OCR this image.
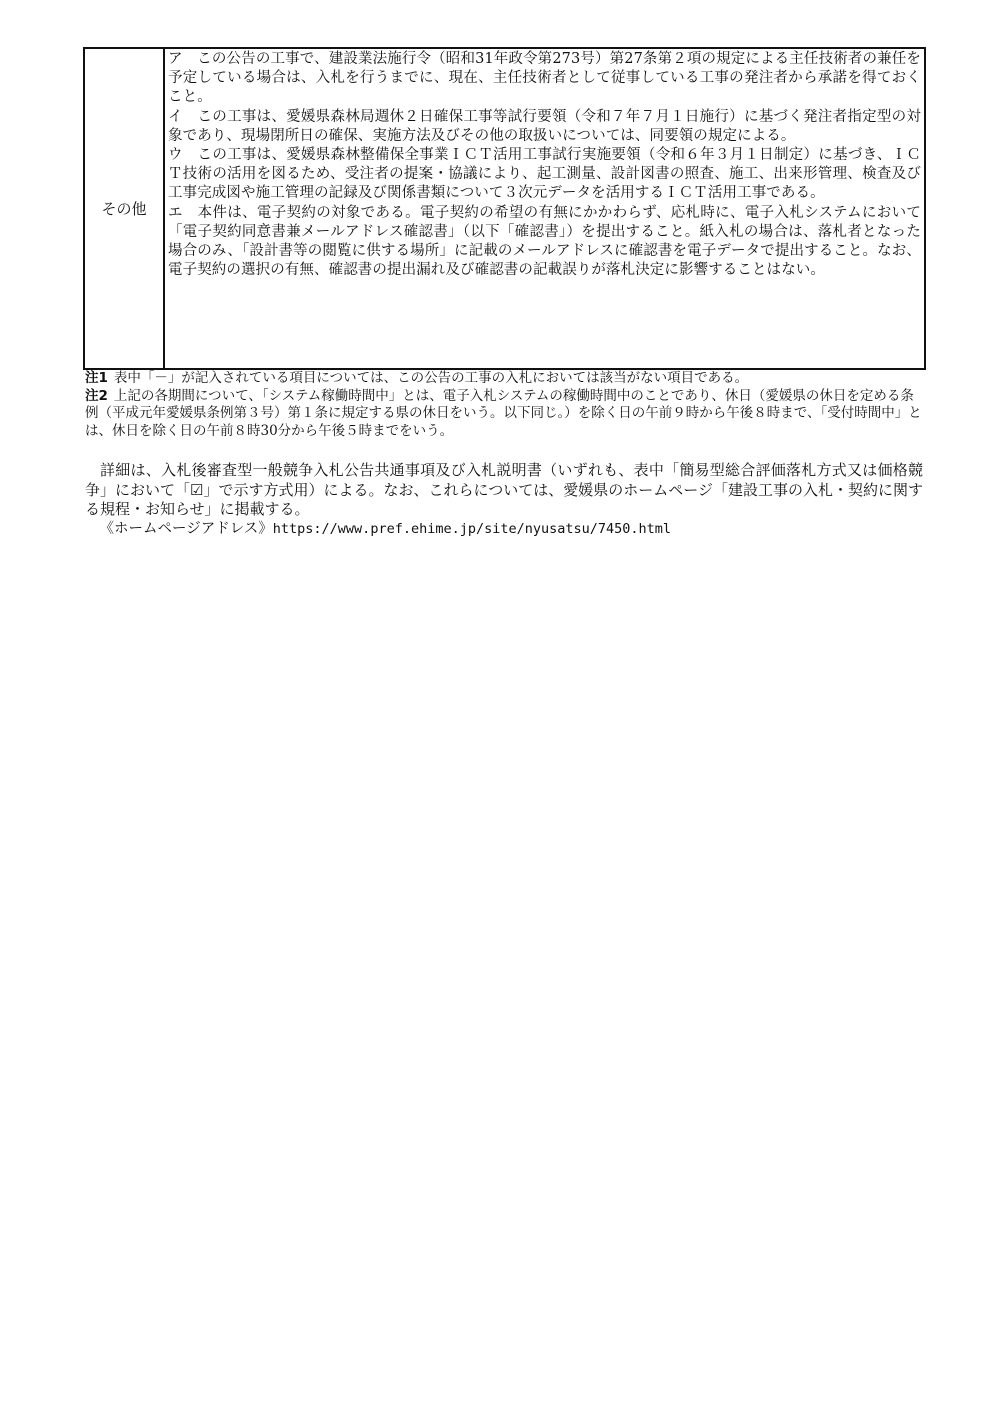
その他	
ア　この公告の工事で、建設業法施行令（昭和31年政令第273号）第27条第２項の規定による主任技術者の兼任を予定している場合は、入札を行うまでに、現在、主任技術者として従事している工事の発注者から承諾を得ておくこと。
イ　この工事は、愛媛県森林局週休２日確保工事等試行要領（令和７年７月１日施行）に基づく発注者指定型の対象であり、現場閉所日の確保、実施方法及びその他の取扱いについては、同要領の規定による。
ウ　この工事は、愛媛県森林整備保全事業ＩＣＴ活用工事試行実施要領（令和６年３月１日制定）に基づき、ＩＣＴ技術の活用を図るため、受注者の提案・協議により、起工測量、設計図書の照査、施工、出来形管理、検査及び工事完成図や施工管理の記録及び関係書類について３次元データを活用するＩＣＴ活用工事である。
エ　本件は、電子契約の対象である。電子契約の希望の有無にかかわらず、応札時に、電子入札システムにおいて「電子契約同意書兼メールアドレス確認書」（以下「確認書」）を提出すること。紙入札の場合は、落札者となった場合のみ、「設計書等の閲覧に供する場所」に記載のメールアドレスに確認書を電子データで提出すること。なお、電子契約の選択の有無、確認書の提出漏れ及び確認書の記載誤りが落札決定に影響することはない。

注1 表中「－」が記入されている項目については、この公告の工事の入札においては該当がない項目である。

注2 上記の各期間について、「システム稼働時間中」とは、電子入札システムの稼働時間中のことであり、休日（愛媛県の休日を定める条例（平成元年愛媛県条例第３号）第１条に規定する県の休日をいう。以下同じ。）を除く日の午前９時から午後８時まで、「受付時間中」とは、休日を除く日の午前８時30分から午後５時までをいう。

詳細は、入札後審査型一般競争入札公告共通事項及び入札説明書（いずれも、表中「簡易型総合評価落札方式又は価格競争」において「☑」で示す方式用）による。なお、これらについては、愛媛県のホームページ「建設工事の入札・契約に関する規程・お知らせ」に掲載する。

《ホームページアドレス》https://www.pref.ehime.jp/site/nyusatsu/7450.html
